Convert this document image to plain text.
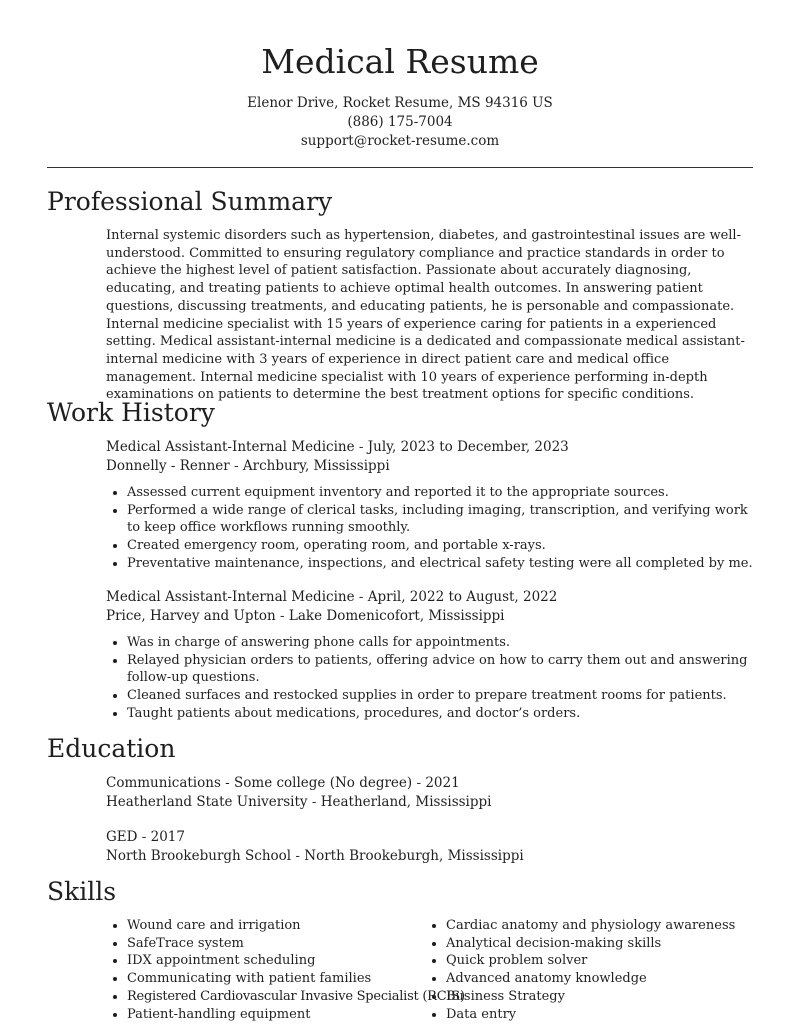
Medical Resume
Elenor Drive, Rocket Resume, MS 94316 US
(886) 175-7004
support@rocket-resume.com
Professional Summary

Internal systemic disorders such as hypertension, diabetes, and gastrointestinal issues are well-understood. Committed to ensuring regulatory compliance and practice standards in order to achieve the highest level of patient satisfaction. Passionate about accurately diagnosing, educating, and treating patients to achieve optimal health outcomes. In answering patient questions, discussing treatments, and educating patients, he is personable and compassionate. Internal medicine specialist with 15 years of experience caring for patients in a experienced setting. Medical assistant-internal medicine is a dedicated and compassionate medical assistant-internal medicine with 3 years of experience in direct patient care and medical office management. Internal medicine specialist with 10 years of experience performing in-depth examinations on patients to determine the best treatment options for specific conditions.

Work History

Medical Assistant-Internal Medicine - July, 2023 to December, 2023

Donnelly - Renner - Archbury, Mississippi

• Assessed current equipment inventory and reported it to the appropriate sources.
• Performed a wide range of clerical tasks, including imaging, transcription, and verifying work to keep office workflows running smoothly.
• Created emergency room, operating room, and portable x-rays.
• Preventative maintenance, inspections, and electrical safety testing were all completed by me.

Medical Assistant-Internal Medicine - April, 2022 to August, 2022

Price, Harvey and Upton - Lake Domenicofort, Mississippi

• Was in charge of answering phone calls for appointments.
• Relayed physician orders to patients, offering advice on how to carry them out and answering follow-up questions.
• Cleaned surfaces and restocked supplies in order to prepare treatment rooms for patients.
• Taught patients about medications, procedures, and doctor’s orders.
Education

Communications - Some college (No degree) - 2021

Heatherland State University - Heatherland, Mississippi

GED - 2017

North Brookeburgh School - North Brookeburgh, Mississippi

Skills
• Wound care and irrigation
• SafeTrace system
• IDX appointment scheduling
• Communicating with patient families
• Registered Cardiovascular Invasive Specialist (RCIS)
• Patient-handling equipment
• Cardiac anatomy and physiology awareness
• Analytical decision-making skills
• Quick problem solver
• Advanced anatomy knowledge
• Business Strategy
• Data entry
